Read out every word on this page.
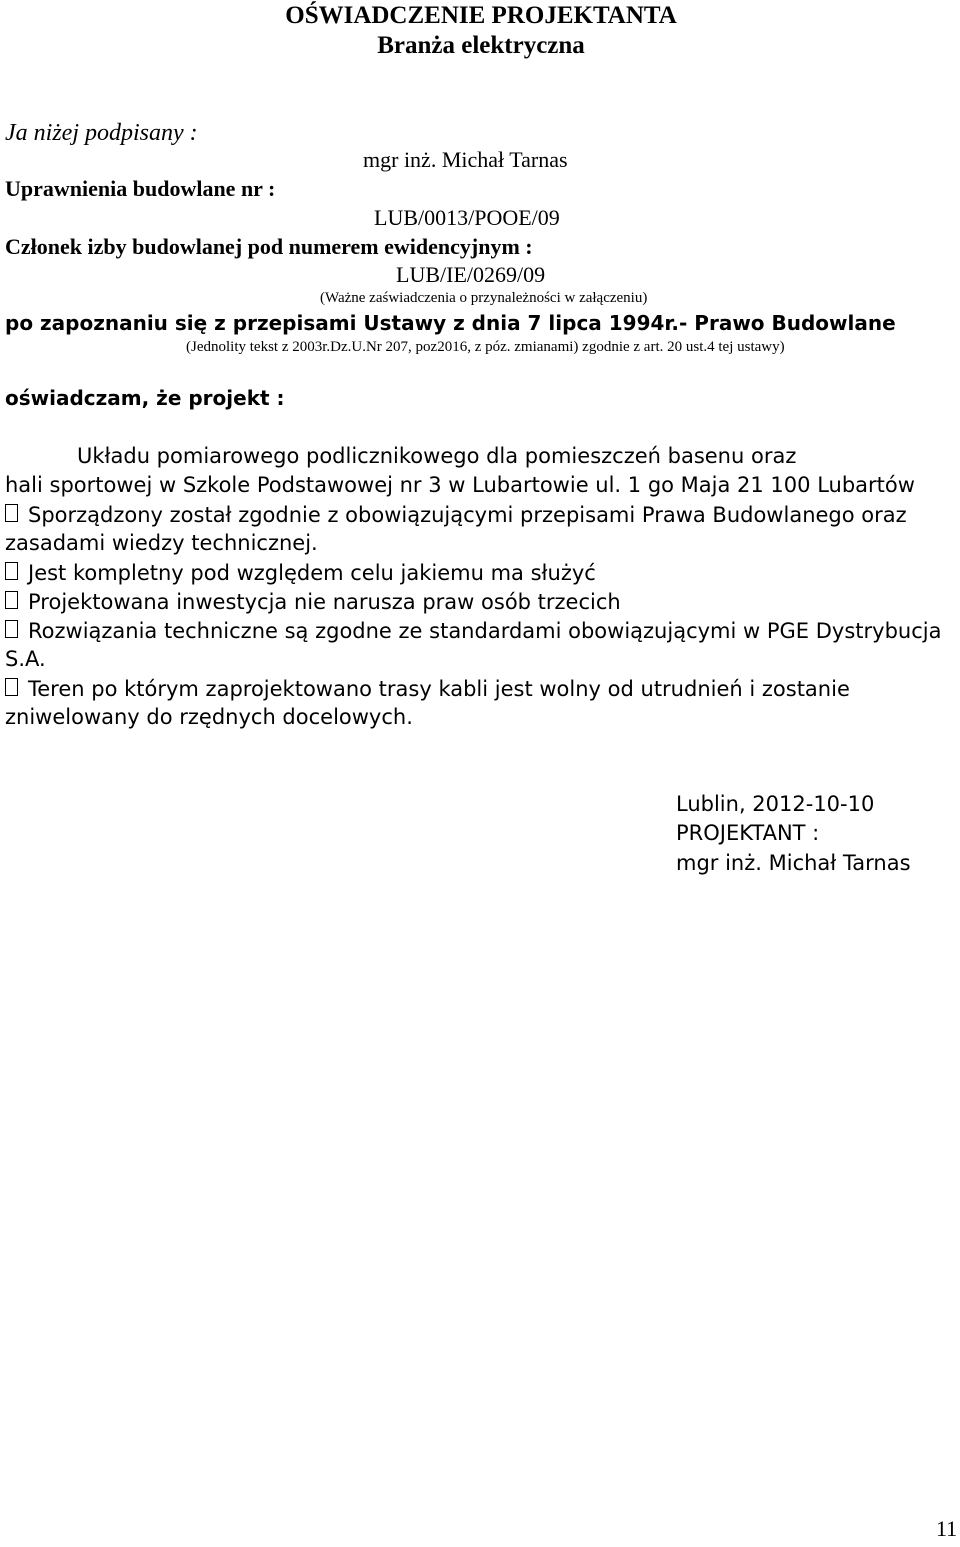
OŚWIADCZENIE PROJEKTANTA
Branża elektryczna
Ja niżej podpisany :
mgr inż. Michał Tarnas
Uprawnienia budowlane nr :
LUB/0013/POOE/09
Członek izby budowlanej pod numerem ewidencyjnym :
LUB/IE/0269/09
(Ważne zaświadczenia o przynależności w załączeniu)
po zapoznaniu się z przepisami Ustawy z dnia 7 lipca 1994r.- Prawo Budowlane
(Jednolity tekst z 2003r.Dz.U.Nr 207, poz2016, z póz. zmianami) zgodnie z art. 20 ust.4 tej ustawy)
oświadczam, że projekt :
Układu pomiarowego podlicznikowego dla pomieszczeń basenu oraz
hali sportowej w Szkole Podstawowej nr 3 w Lubartowie ul. 1 go Maja 21 100 Lubartów
Sporządzony został zgodnie z obowiązującymi przepisami Prawa Budowlanego oraz
zasadami wiedzy technicznej.
Jest kompletny pod względem celu jakiemu ma służyć
Projektowana inwestycja nie narusza praw osób trzecich
Rozwiązania techniczne są zgodne ze standardami obowiązującymi w PGE Dystrybucja
S.A.
Teren po którym zaprojektowano trasy kabli jest wolny od utrudnień i zostanie
zniwelowany do rzędnych docelowych.
Lublin, 2012-10-10
PROJEKTANT :
mgr inż. Michał Tarnas
11
